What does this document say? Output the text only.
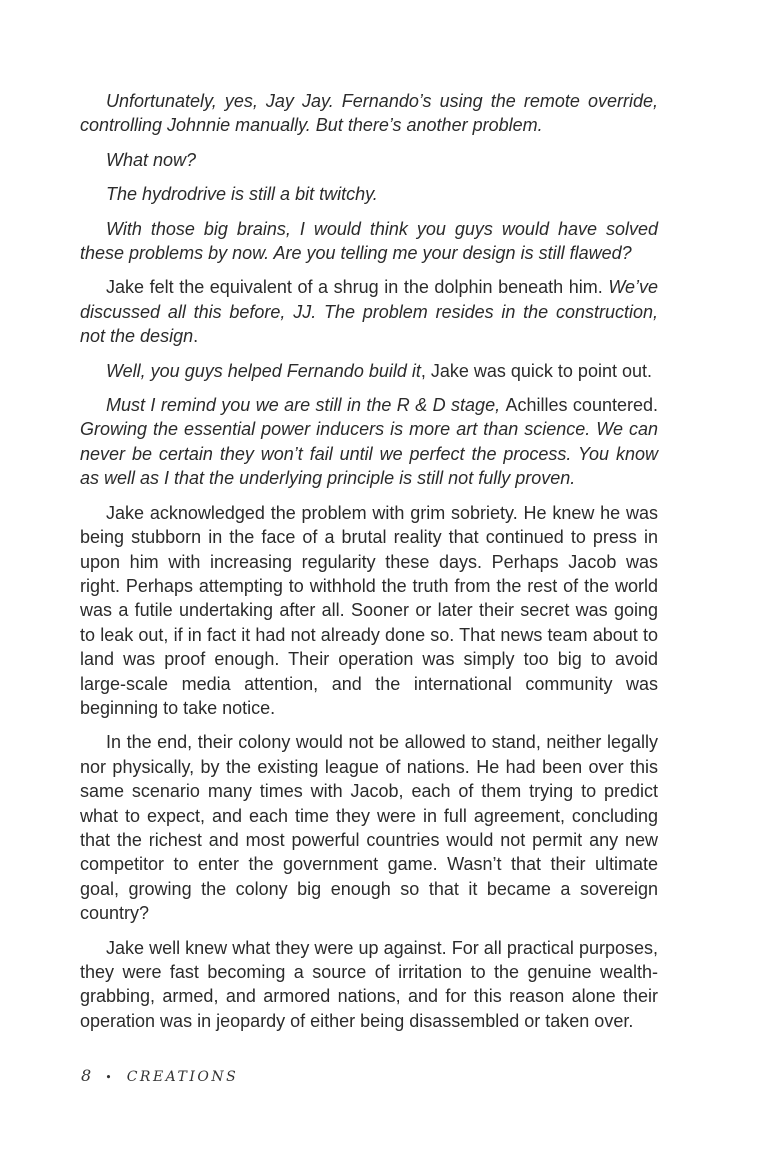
Unfortunately, yes, Jay Jay. Fernando’s using the remote override, controlling Johnnie manually. But there’s another problem.

What now?

The hydrodrive is still a bit twitchy.

With those big brains, I would think you guys would have solved these problems by now. Are you telling me your design is still flawed?

Jake felt the equivalent of a shrug in the dolphin beneath him. We’ve discussed all this before, JJ. The problem resides in the construction, not the design.

Well, you guys helped Fernando build it, Jake was quick to point out.

Must I remind you we are still in the R & D stage, Achilles countered. Growing the essential power inducers is more art than science. We can never be certain they won’t fail until we perfect the process. You know as well as I that the underlying principle is still not fully proven.

Jake acknowledged the problem with grim sobriety. He knew he was being stubborn in the face of a brutal reality that continued to press in upon him with increasing regularity these days. Perhaps Jacob was right. Perhaps attempting to withhold the truth from the rest of the world was a futile undertaking after all. Sooner or later their secret was going to leak out, if in fact it had not already done so. That news team about to land was proof enough. Their operation was simply too big to avoid large-scale media attention, and the international community was beginning to take notice.

In the end, their colony would not be allowed to stand, neither legally nor physically, by the existing league of nations. He had been over this same scenario many times with Jacob, each of them trying to predict what to expect, and each time they were in full agreement, concluding that the richest and most powerful countries would not permit any new competitor to enter the government game. Wasn’t that their ultimate goal, growing the colony big enough so that it became a sovereign country?

Jake well knew what they were up against. For all practical purposes, they were fast becoming a source of irritation to the genuine wealth-grabbing, armed, and armored nations, and for this reason alone their operation was in jeopardy of either being disassembled or taken over.

8 • CREATIONS
